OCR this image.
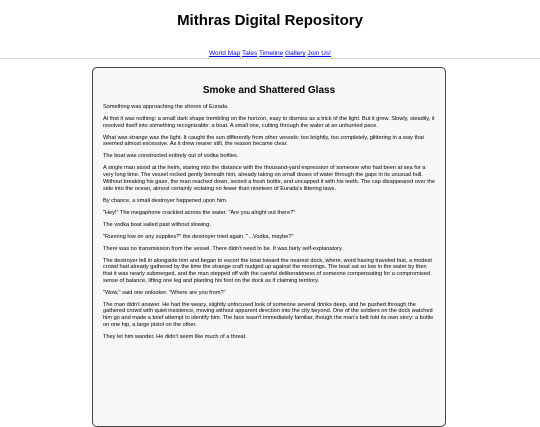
Mithras Digital Repository
World Map Tales Timeline Gallery Join Us!
Smoke and Shattered Glass

Something was approaching the shores of Eurada.

At first it was nothing: a small dark shape trembling on the horizon, easy to dismiss as a trick of the light. But it grew. Slowly, steadily, it resolved itself into something recognizable: a boat. A small one, cutting through the water at an unhurried pace.

What was strange was the light. It caught the sun differently from other vessels: too brightly, too completely, glittering in a way that seemed almost excessive. As it drew nearer still, the reason became clear.

The boat was constructed entirely out of vodka bottles.

A single man stood at the helm, staring into the distance with the thousand-yard expression of someone who had been at sea for a very long time. The vessel rocked gently beneath him, already taking on small doses of water through the gaps in its unusual hull. Without breaking his gaze, the man reached down, seized a fresh bottle, and uncapped it with his teeth. The cap disappeared over the side into the ocean, almost certainly violating no fewer than nineteen of Eurada's littering laws.

By chance, a small destroyer happened upon him.

"Hey!" The megaphone crackled across the water. "Are you alright out there?"

The vodka boat sailed past without slowing.

"Running low on any supplies?" the destroyer tried again. "...Vodka, maybe?"

There was no transmission from the vessel. There didn't need to be. It was fairly self-explanatory.

The destroyer fell in alongside him and began to escort the boat toward the nearest dock, where, word having traveled fast, a modest crowd had already gathered by the time the strange craft nudged up against the moorings. The boat sat so low in the water by then that it was nearly submerged, and the man stepped off with the careful deliberateness of someone compensating for a compromised sense of balance, lifting one leg and planting his foot on the dock as if claiming territory.

"Wow," said one onlooker. "Where are you from?"

The man didn't answer. He had the weary, slightly unfocused look of someone several drinks deep, and he pushed through the gathered crowd with quiet insistence, moving without apparent direction into the city beyond. One of the soldiers on the dock watched him go and made a brief attempt to identify him. The face wasn't immediately familiar, though the man's belt told its own story: a bottle on one hip, a large pistol on the other.

They let him wander. He didn't seem like much of a threat.
